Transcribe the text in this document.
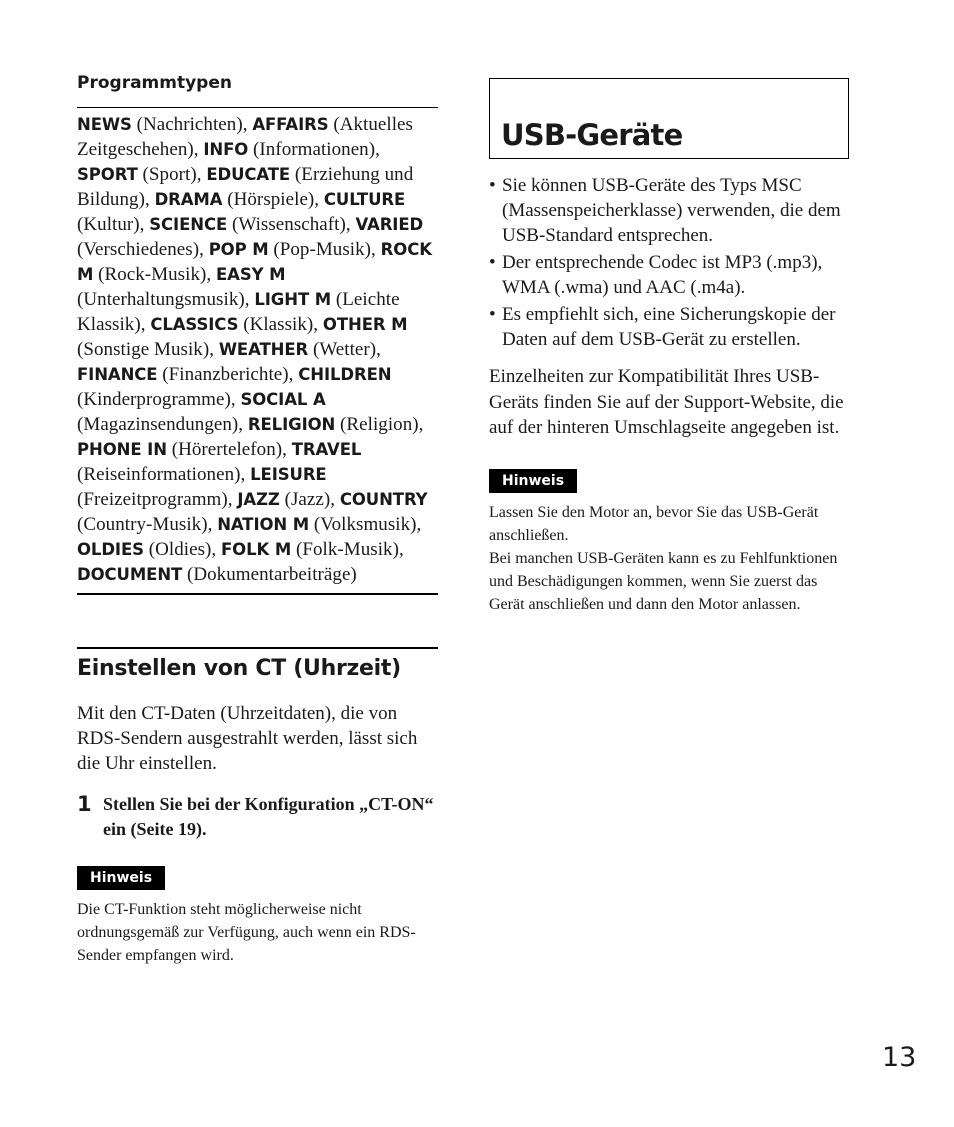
Programmtypen

NEWS (Nachrichten), AFFAIRS (Aktuelles Zeitgeschehen), INFO (Informationen), SPORT (Sport), EDUCATE (Erziehung und Bildung), DRAMA (Hörspiele), CULTURE (Kultur), SCIENCE (Wissenschaft), VARIED (Verschiedenes), POP M (Pop-Musik), ROCK M (Rock-Musik), EASY M (Unterhaltungsmusik), LIGHT M (Leichte Klassik), CLASSICS (Klassik), OTHER M (Sonstige Musik), WEATHER (Wetter), FINANCE (Finanzberichte), CHILDREN (Kinderprogramme), SOCIAL A (Magazinsendungen), RELIGION (Religion), PHONE IN (Hörertelefon), TRAVEL (Reiseinformationen), LEISURE (Freizeitprogramm), JAZZ (Jazz), COUNTRY (Country-Musik), NATION M (Volksmusik), OLDIES (Oldies), FOLK M (Folk-Musik), DOCUMENT (Dokumentarbeiträge)

Einstellen von CT (Uhrzeit)

Mit den CT-Daten (Uhrzeitdaten), die von RDS-Sendern ausgestrahlt werden, lässt sich die Uhr einstellen.

1 Stellen Sie bei der Konfiguration „CT-ON“ ein (Seite 19).
Hinweis

Die CT-Funktion steht möglicherweise nicht ordnungsgemäß zur Verfügung, auch wenn ein RDS-Sender empfangen wird.

USB-Geräte
• Sie können USB-Geräte des Typs MSC (Massenspeicherklasse) verwenden, die dem USB-Standard entsprechen.
• Der entsprechende Codec ist MP3 (.mp3), WMA (.wma) und AAC (.m4a).
• Es empfiehlt sich, eine Sicherungskopie der Daten auf dem USB-Gerät zu erstellen.

Einzelheiten zur Kompatibilität Ihres USB-Geräts finden Sie auf der Support-Website, die auf der hinteren Umschlagseite angegeben ist.

Hinweis

Lassen Sie den Motor an, bevor Sie das USB-Gerät anschließen.
Bei manchen USB-Geräten kann es zu Fehlfunktionen und Beschädigungen kommen, wenn Sie zuerst das Gerät anschließen und dann den Motor anlassen.

13
